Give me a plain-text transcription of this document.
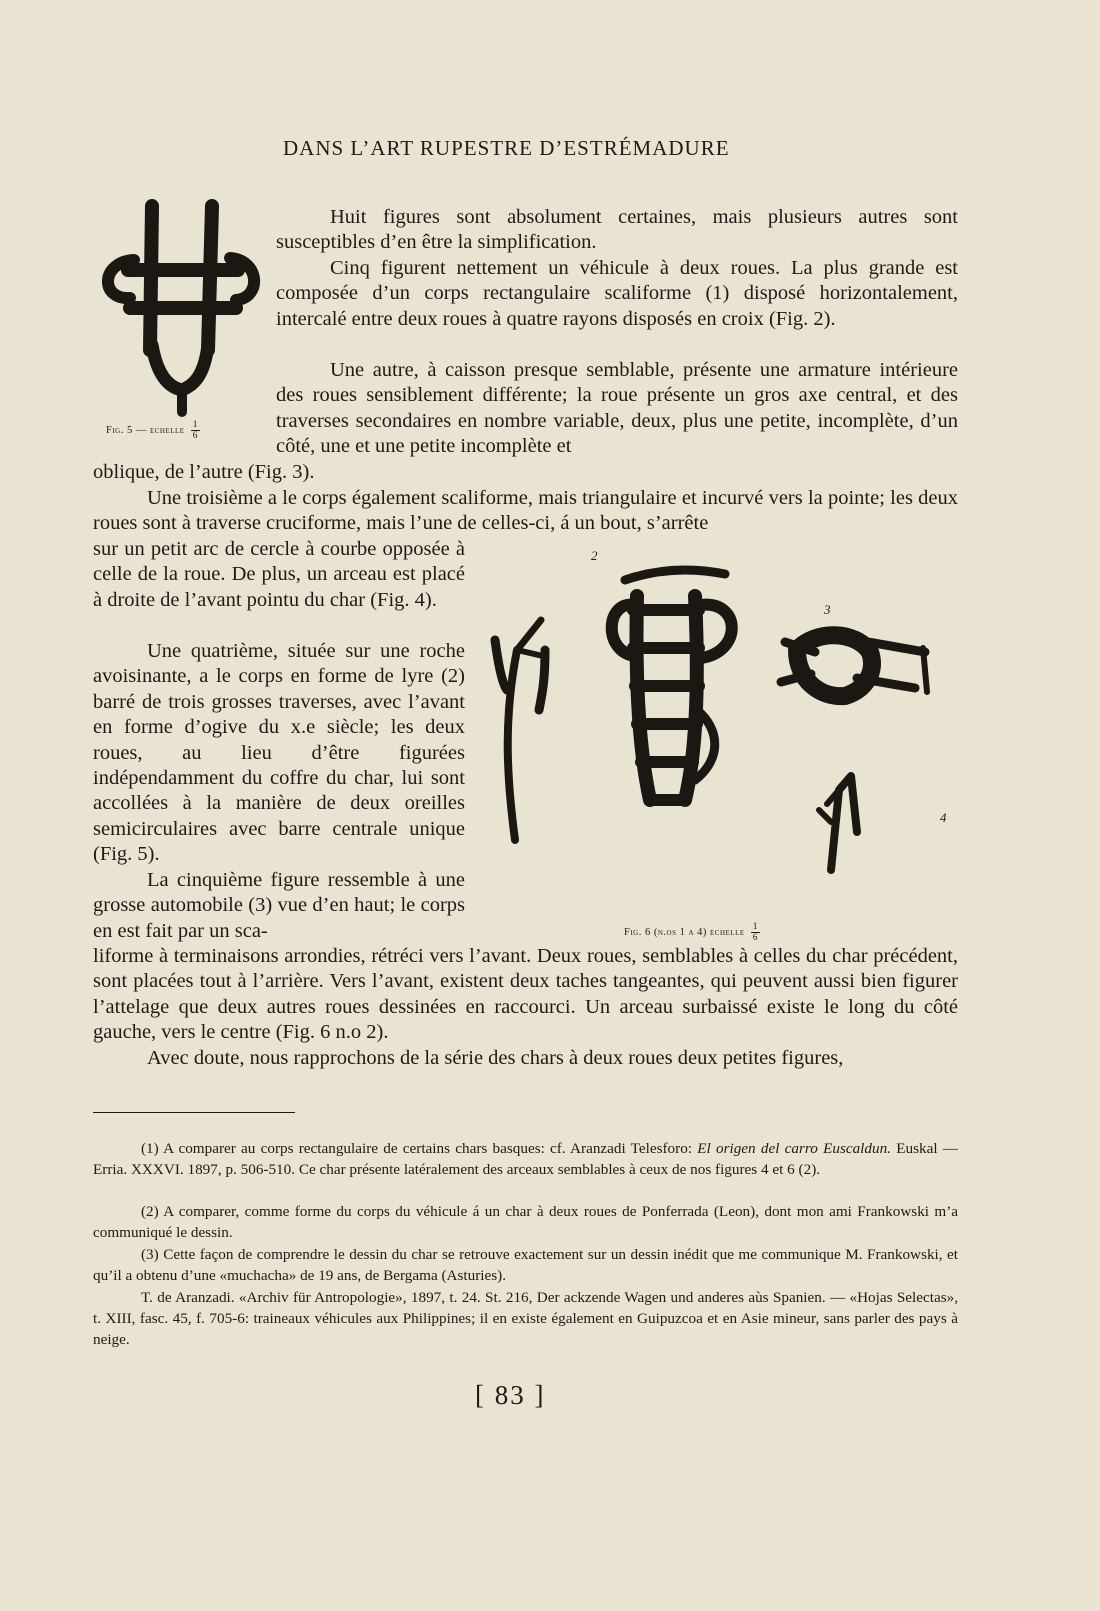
DANS L’ART RUPESTRE D’ESTRÉMADURE
Fig. 5 — echelle $\frac{1}{6}$

Huit figures sont absolument certaines, mais plusieurs autres sont susceptibles d’en être la simplification.

Cinq figurent nettement un véhicule à deux roues. La plus grande est composée d’un corps rectangulaire scaliforme (1) disposé horizontalement, intercalé entre deux roues à quatre rayons disposés en croix (Fig. 2).

Une autre, à caisson presque semblable, présente une armature intérieure des roues sensiblement différente; la roue présente un gros axe central, et des traverses secondaires en nombre variable, deux, plus une petite, incomplète, d’un côté, une et une petite incomplète et

oblique, de l’autre (Fig. 3).

Une troisième a le corps également scaliforme, mais triangulaire et incurvé vers la pointe; les deux roues sont à traverse cruciforme, mais l’une de celles-ci, á un bout, s’arrête

sur un petit arc de cercle à courbe opposée à celle de la roue. De plus, un arceau est placé à droite de l’avant pointu du char (Fig. 4).

Une quatrième, située sur une roche avoisinante, a le corps en forme de lyre (2) barré de trois grosses traverses, avec l’avant en forme d’ogive du x.e siècle; les deux roues, au lieu d’être figurées indépendamment du coffre du char, lui sont accollées à la manière de deux oreilles semicirculaires avec barre centrale unique (Fig. 5).

La cinquième figure ressemble à une grosse automobile (3) vue d’en haut; le corps en est fait par un sca-

liforme à terminaisons arrondies, rétréci vers l’avant. Deux roues, semblables à celles du char précédent, sont placées tout à l’arrière. Vers l’avant, existent deux taches tangeantes, qui peuvent aussi bien figurer l’attelage que deux autres roues dessinées en raccourci. Un arceau surbaissé existe le long du côté gauche, vers le centre (Fig. 6 n.o 2).

Avec doute, nous rapprochons de la série des chars à deux roues deux petites figures,

2
3
4
Fig. 6 (n.os 1 a 4) echelle $\frac{1}{6}$

(1) A comparer au corps rectangulaire de certains chars basques: cf. Aranzadi Telesforo: El origen del carro Euscaldun. Euskal — Erria. XXXVI. 1897, p. 506-510. Ce char présente latéralement des arceaux semblables à ceux de nos figures 4 et 6 (2).

(2) A comparer, comme forme du corps du véhicule á un char à deux roues de Ponferrada (Leon), dont mon ami Frankowski m’a communiqué le dessin.

(3) Cette façon de comprendre le dessin du char se retrouve exactement sur un dessin inédit que me communique M. Frankowski, et qu’il a obtenu d’une «muchacha» de 19 ans, de Bergama (Asturies).

T. de Aranzadi. «Archiv für Antropologie», 1897, t. 24. St. 216, Der ackzende Wagen und anderes aùs Spanien. — «Hojas Selectas», t. XIII, fasc. 45, f. 705-6: traineaux véhicules aux Philippines; il en existe également en Guipuzcoa et en Asie mineur, sans parler des pays à neige.

[ 83 ]
